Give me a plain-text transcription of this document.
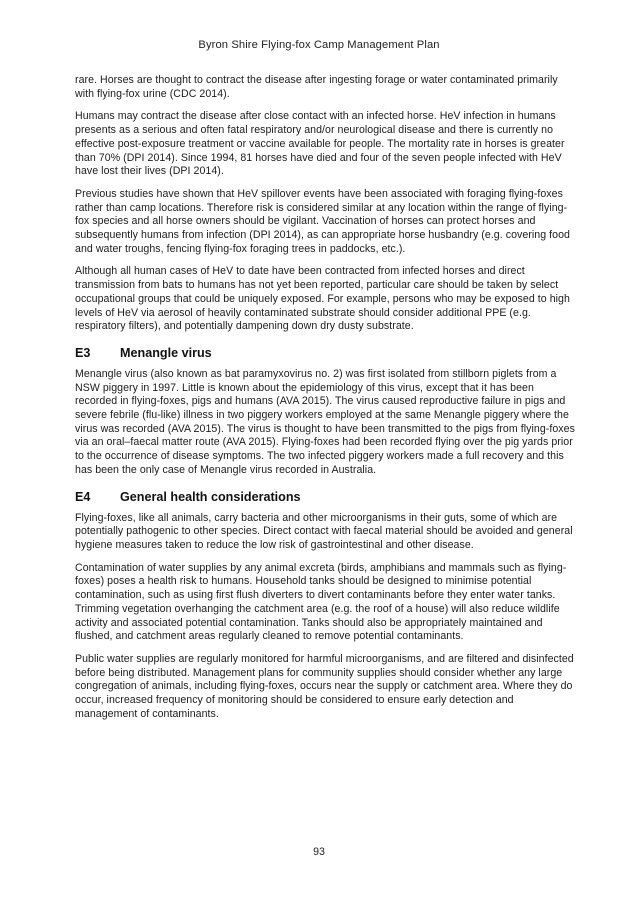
Byron Shire Flying-fox Camp Management Plan

rare. Horses are thought to contract the disease after ingesting forage or water contaminated primarily with flying-fox urine (CDC 2014).

Humans may contract the disease after close contact with an infected horse. HeV infection in humans presents as a serious and often fatal respiratory and/or neurological disease and there is currently no effective post-exposure treatment or vaccine available for people. The mortality rate in horses is greater than 70% (DPI 2014). Since 1994, 81 horses have died and four of the seven people infected with HeV have lost their lives (DPI 2014).

Previous studies have shown that HeV spillover events have been associated with foraging flying-foxes rather than camp locations. Therefore risk is considered similar at any location within the range of flying-fox species and all horse owners should be vigilant. Vaccination of horses can protect horses and subsequently humans from infection (DPI 2014), as can appropriate horse husbandry (e.g. covering food and water troughs, fencing flying-fox foraging trees in paddocks, etc.).

Although all human cases of HeV to date have been contracted from infected horses and direct transmission from bats to humans has not yet been reported, particular care should be taken by select occupational groups that could be uniquely exposed. For example, persons who may be exposed to high levels of HeV via aerosol of heavily contaminated substrate should consider additional PPE (e.g. respiratory filters), and potentially dampening down dry dusty substrate.

E3	Menangle virus

Menangle virus (also known as bat paramyxovirus no. 2) was first isolated from stillborn piglets from a NSW piggery in 1997. Little is known about the epidemiology of this virus, except that it has been recorded in flying-foxes, pigs and humans (AVA 2015). The virus caused reproductive failure in pigs and severe febrile (flu-like) illness in two piggery workers employed at the same Menangle piggery where the virus was recorded (AVA 2015). The virus is thought to have been transmitted to the pigs from flying-foxes via an oral–faecal matter route (AVA 2015). Flying-foxes had been recorded flying over the pig yards prior to the occurrence of disease symptoms. The two infected piggery workers made a full recovery and this has been the only case of Menangle virus recorded in Australia.

E4	General health considerations

Flying-foxes, like all animals, carry bacteria and other microorganisms in their guts, some of which are potentially pathogenic to other species. Direct contact with faecal material should be avoided and general hygiene measures taken to reduce the low risk of gastrointestinal and other disease.

Contamination of water supplies by any animal excreta (birds, amphibians and mammals such as flying-foxes) poses a health risk to humans. Household tanks should be designed to minimise potential contamination, such as using first flush diverters to divert contaminants before they enter water tanks. Trimming vegetation overhanging the catchment area (e.g. the roof of a house) will also reduce wildlife activity and associated potential contamination. Tanks should also be appropriately maintained and flushed, and catchment areas regularly cleaned to remove potential contaminants.

Public water supplies are regularly monitored for harmful microorganisms, and are filtered and disinfected before being distributed. Management plans for community supplies should consider whether any large congregation of animals, including flying-foxes, occurs near the supply or catchment area. Where they do occur, increased frequency of monitoring should be considered to ensure early detection and management of contaminants.

93
